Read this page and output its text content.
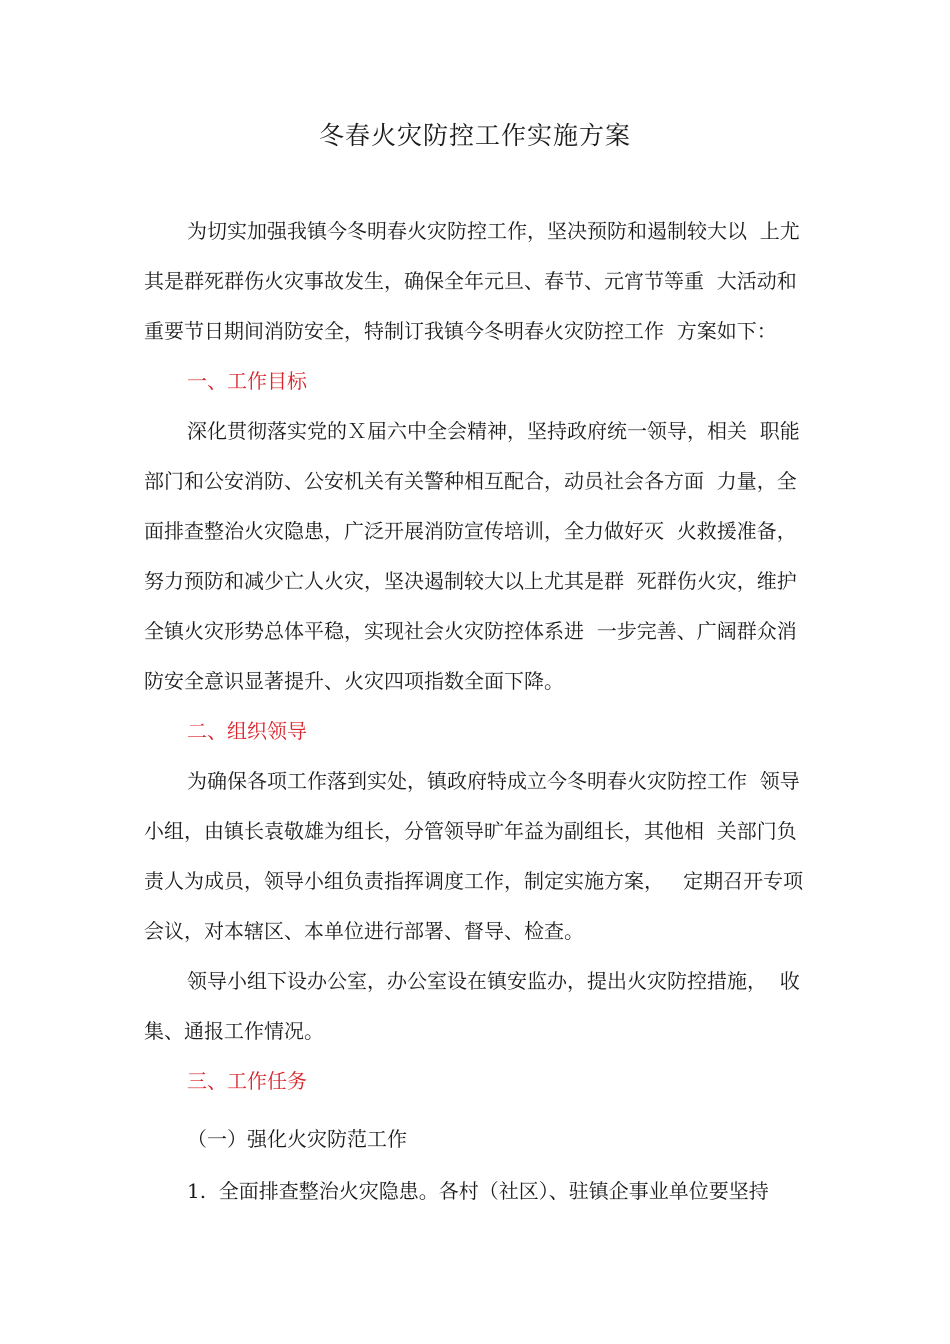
冬春火灾防控工作实施方案
为切实加强我镇今冬明春火灾防控工作，坚决预防和遏制较大以  上尤
其是群死群伤火灾事故发生，确保全年元旦、春节、元宵节等重  大活动和
重要节日期间消防安全，特制订我镇今冬明春火灾防控工作  方案如下：
一、工作目标
深化贯彻落实党的Ｘ届六中全会精神，坚持政府统一领导，相关  职能
部门和公安消防、公安机关有关警种相互配合，动员社会各方面  力量，全
面排查整治火灾隐患，广泛开展消防宣传培训，全力做好灭  火救援准备，
努力预防和减少亡人火灾，坚决遏制较大以上尤其是群  死群伤火灾，维护
全镇火灾形势总体平稳，实现社会火灾防控体系进  一步完善、广阔群众消
防安全意识显著提升、火灾四项指数全面下降。
二、组织领导
为确保各项工作落到实处，镇政府特成立今冬明春火灾防控工作  领导
小组，由镇长袁敬雄为组长，分管领导旷年益为副组长，其他相  关部门负
责人为成员，领导小组负责指挥调度工作，制定实施方案，   定期召开专项
会议，对本辖区、本单位进行部署、督导、检查。
领导小组下设办公室，办公室设在镇安监办，提出火灾防控措施，  收
集、通报工作情况。
三、工作任务
（一）强化火灾防范工作
1.  全面排查整治火灾隐患。各村（社区）、驻镇企事业单位要坚持
